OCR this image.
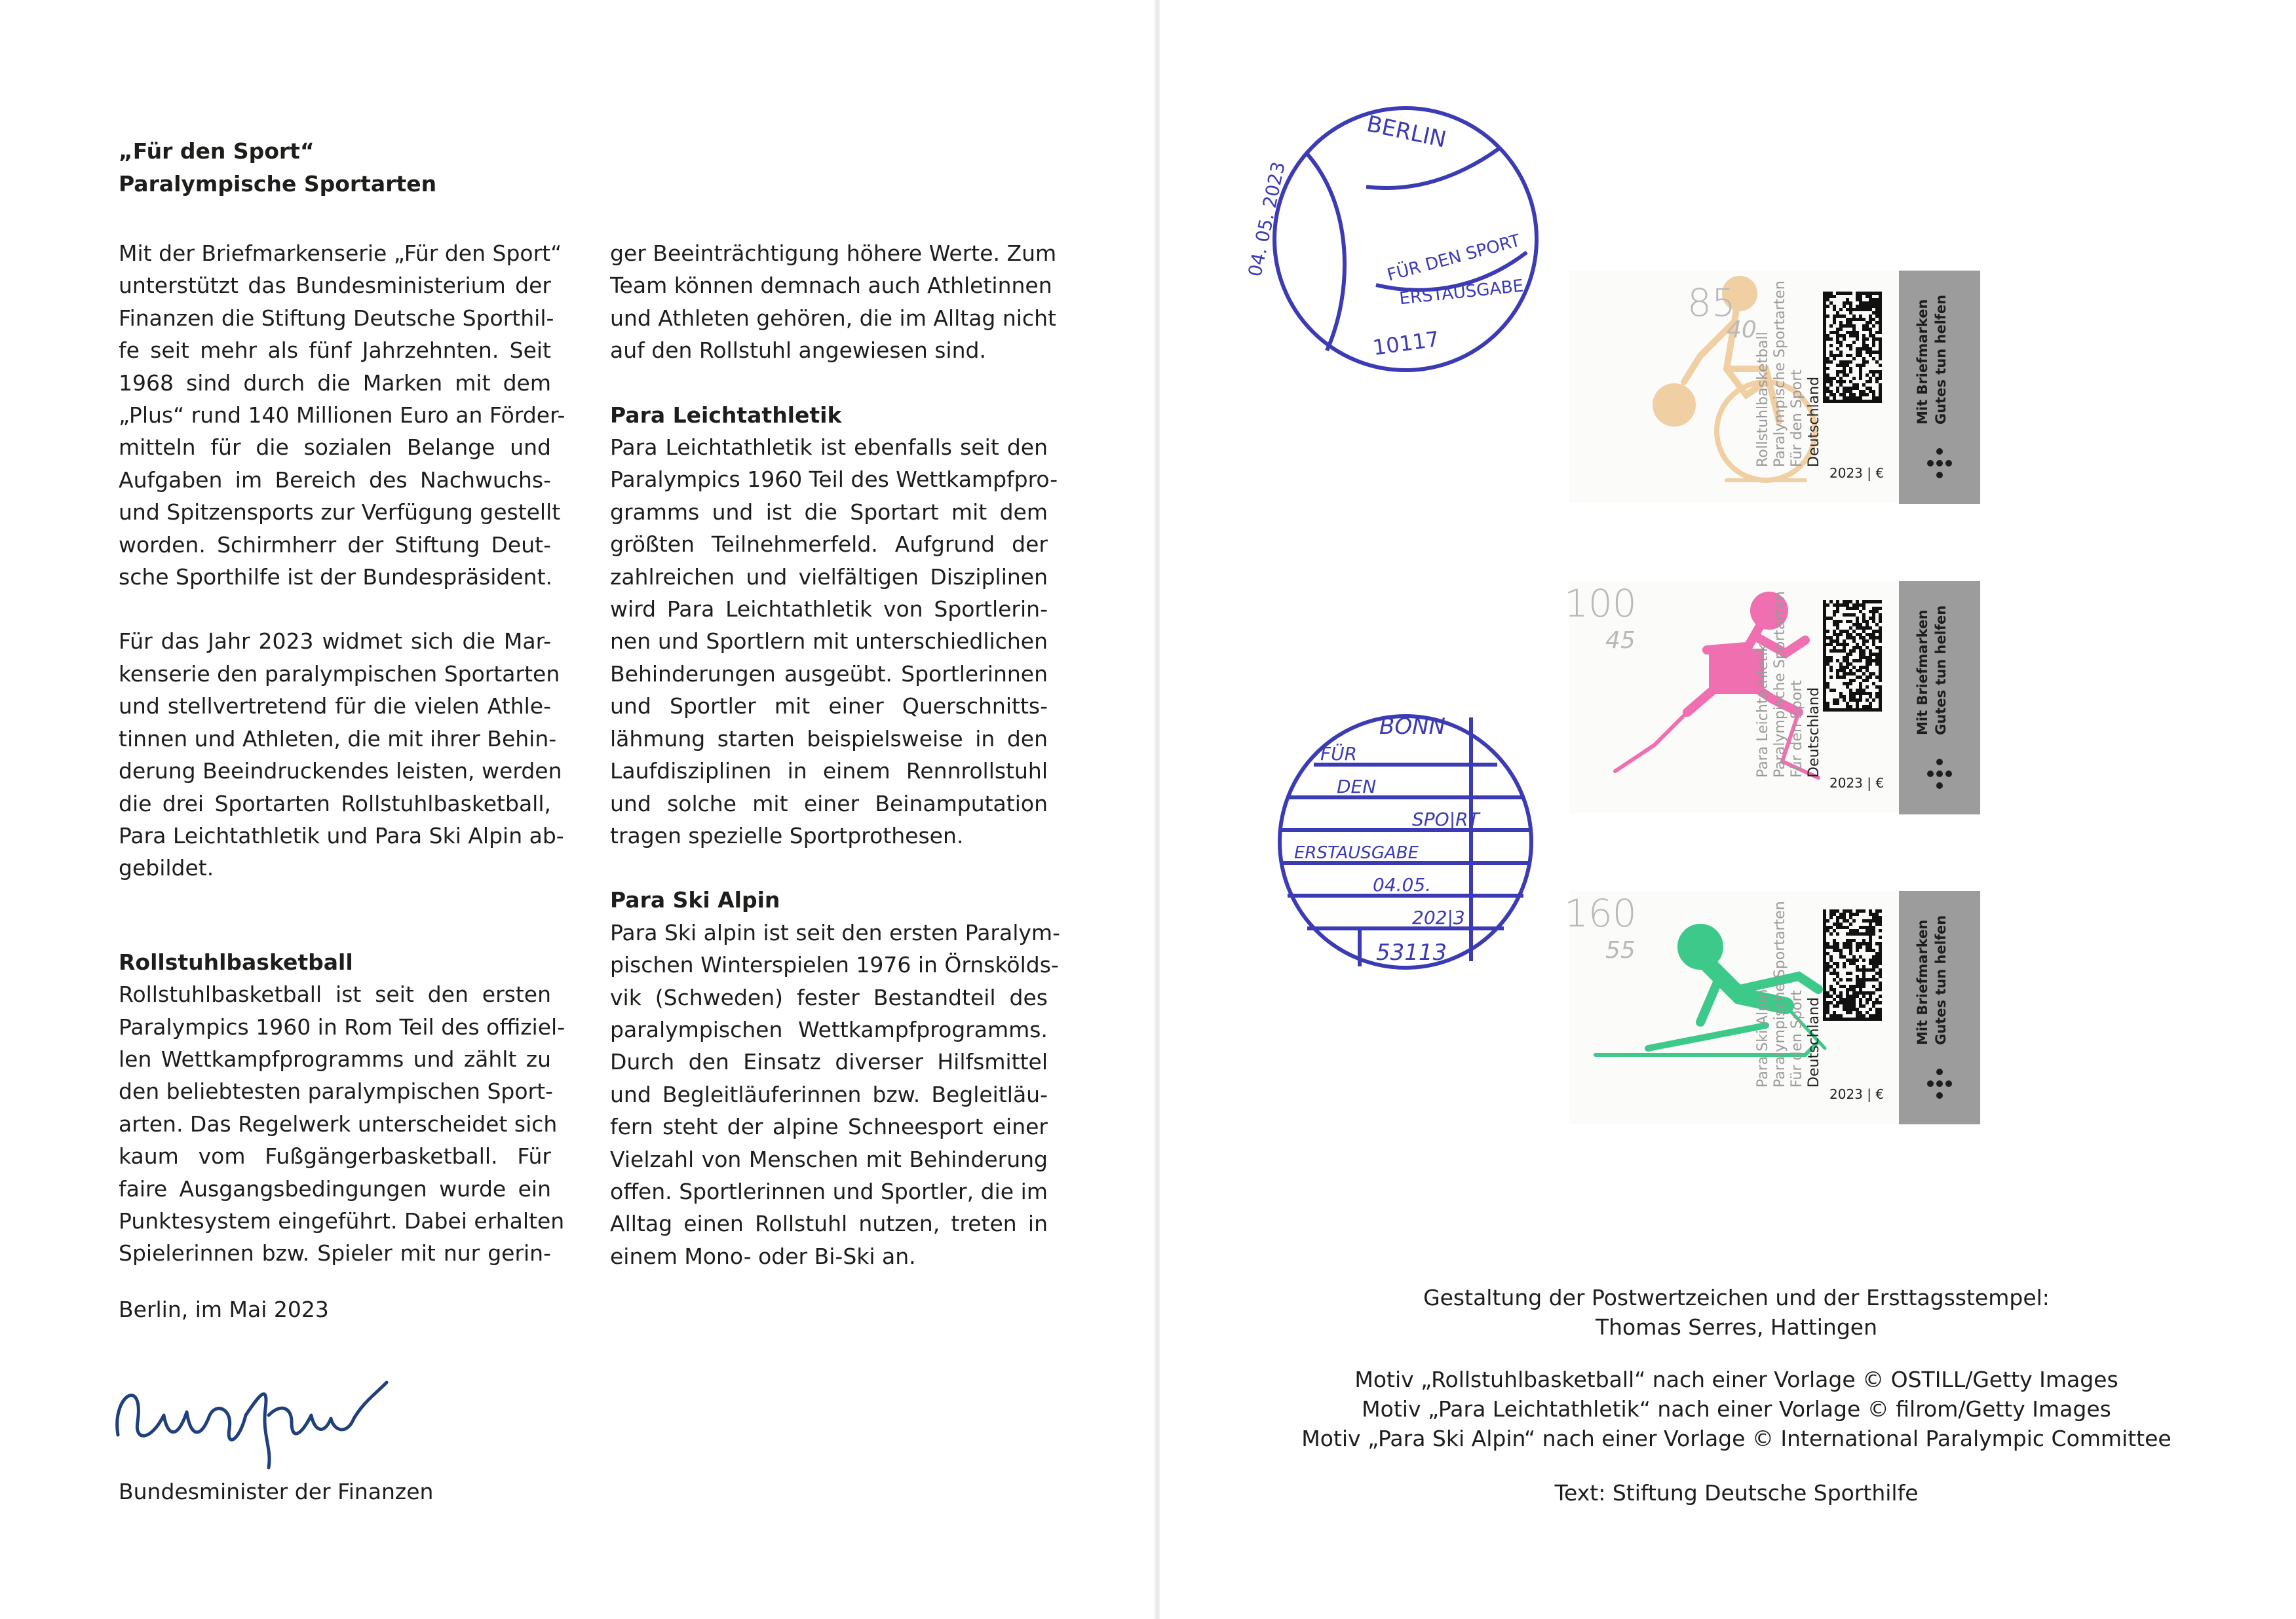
„Für den Sport“
Paralympische Sportarten

Mit der Briefmarkenserie „Für den Sport“
unterstützt das Bundesministerium der
Finanzen die Stiftung Deutsche Sporthil-
fe seit mehr als fünf Jahrzehnten. Seit
1968 sind durch die Marken mit dem
„Plus“ rund 140 Millionen Euro an Förder-
mitteln für die sozialen Belange und
Aufgaben im Bereich des Nachwuchs-
und Spitzensports zur Verfügung gestellt
worden. Schirmherr der Stiftung Deut-
sche Sporthilfe ist der Bundespräsident.

Für das Jahr 2023 widmet sich die Mar-
kenserie den paralympischen Sportarten
und stellvertretend für die vielen Athle-
tinnen und Athleten, die mit ihrer Behin-
derung Beeindruckendes leisten, werden
die drei Sportarten Rollstuhlbasketball,
Para Leichtathletik und Para Ski Alpin ab-
gebildet.

Rollstuhlbasketball

Rollstuhlbasketball ist seit den ersten
Paralympics 1960 in Rom Teil des offiziel-
len Wettkampfprogramms und zählt zu
den beliebtesten paralympischen Sport-
arten. Das Regelwerk unterscheidet sich
kaum vom Fußgängerbasketball. Für
faire Ausgangsbedingungen wurde ein
Punktesystem eingeführt. Dabei erhalten
Spielerinnen bzw. Spieler mit nur gerin-

ger Beeinträchtigung höhere Werte. Zum
Team können demnach auch Athletinnen
und Athleten gehören, die im Alltag nicht
auf den Rollstuhl angewiesen sind.

Para Leichtathletik

Para Leichtathletik ist ebenfalls seit den
Paralympics 1960 Teil des Wettkampfpro-
gramms und ist die Sportart mit dem
größten Teilnehmerfeld. Aufgrund der
zahlreichen und vielfältigen Disziplinen
wird Para Leichtathletik von Sportlerin-
nen und Sportlern mit unterschiedlichen
Behinderungen ausgeübt. Sportlerinnen
und Sportler mit einer Querschnitts-
lähmung starten beispielsweise in den
Laufdisziplinen in einem Rennrollstuhl
und solche mit einer Beinamputation
tragen spezielle Sportprothesen.

Para Ski Alpin

Para Ski alpin ist seit den ersten Paralym-
pischen Winterspielen 1976 in Örnskölds-
vik (Schweden) fester Bestandteil des
paralympischen Wettkampfprogramms.
Durch den Einsatz diverser Hilfsmittel
und Begleitläuferinnen bzw. Begleitläu-
fern steht der alpine Schneesport einer
Vielzahl von Menschen mit Behinderung
offen. Sportlerinnen und Sportler, die im
Alltag einen Rollstuhl nutzen, treten in
einem Mono- oder Bi-Ski an.

Berlin, im Mai 2023
Bundesminister der Finanzen
85
40
Rollstuhlbasketball Paralympische Sportarten Für den Sport Deutschland
2023 | €
100
45
Para Leichtathletik Paralympische Sportarten Für den Sport Deutschland
2023 | €
160
55
Para Ski Alpin Paralympische Sportarten Für den Sport Deutschland
2023 | €
Mit Briefmarken Gutes tun helfen
Mit Briefmarken Gutes tun helfen
Mit Briefmarken Gutes tun helfen
BERLIN
04. 05. 2023	FÜR DEN SPORT
ERSTAUSGABE
10117
BONN
FÜR
DEN
SPO|RT
ERSTAUSGABE
04.05.
202|3
53113
Gestaltung der Postwertzeichen und der Ersttagsstempel:
Thomas Serres, Hattingen
Motiv „Rollstuhlbasketball“ nach einer Vorlage © OSTILL/Getty Images
Motiv „Para Leichtathletik“ nach einer Vorlage © filrom/Getty Images
Motiv „Para Ski Alpin“ nach einer Vorlage © International Paralympic Committee
Text: Stiftung Deutsche Sporthilfe
